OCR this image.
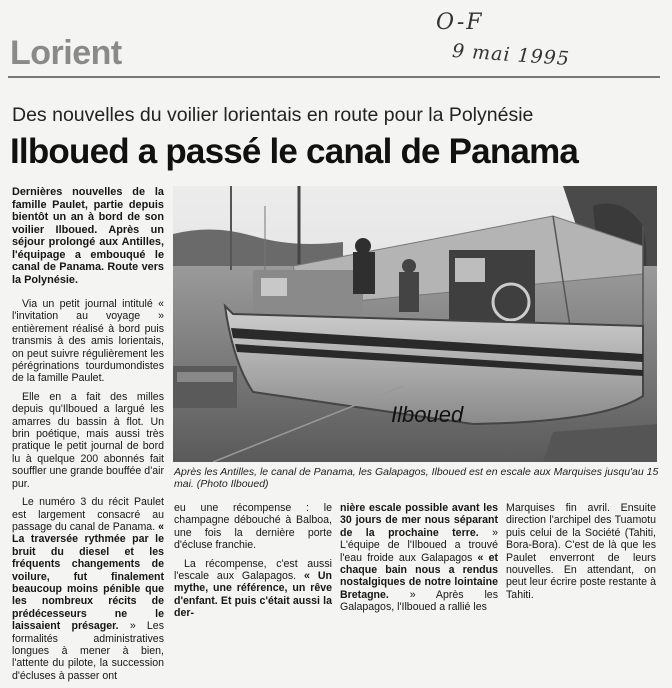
Lorient
O-F
9 mai 1995
Des nouvelles du voilier lorientais en route pour la Polynésie
Ilboued a passé le canal de Panama

Dernières nouvelles de la famille Paulet, partie depuis bientôt un an à bord de son voilier Ilboued. Après un séjour prolongé aux Antilles, l'équipage a embouqué le canal de Panama. Route vers la Polynésie.

Via un petit journal intitulé « l'invitation au voyage » entièrement réalisé à bord puis transmis à des amis lorientais, on peut suivre régulièrement les pérégrinations tourdumondistes de la famille Paulet.

Elle en a fait des milles depuis qu'Ilboued a largué les amarres du bassin à flot. Un brin poétique, mais aussi très pratique le petit journal de bord lu à quelque 200 abonnés fait souffler une grande bouffée d'air pur.

Le numéro 3 du récit Paulet est largement consacré au passage du canal de Panama. « La traversée rythmée par le bruit du diesel et les fréquents changements de voilure, fut finalement beaucoup moins pénible que les nombreux récits de prédécesseurs ne le laissaient présager. » Les formalités administratives longues à mener à bien, l'attente du pilote, la succession d'écluses à passer ont

Ilboued
Après les Antilles, le canal de Panama, les Galapagos, Ilboued est en escale aux Marquises jusqu'au 15 mai. (Photo Ilboued)

eu une récompense : le champagne débouché à Balboa, une fois la dernière porte d'écluse franchie.

La récompense, c'est aussi l'escale aux Galapagos. « Un mythe, une référence, un rêve d'enfant. Et puis c'était aussi la der-

nière escale possible avant les 30 jours de mer nous séparant de la prochaine terre. » L'équipe de l'Ilboued a trouvé l'eau froide aux Galapagos « et chaque bain nous a rendus nostalgiques de notre lointaine Bretagne. » Après les Galapagos, l'Ilboued a rallié les

Marquises fin avril. Ensuite direction l'archipel des Tuamotu puis celui de la Société (Tahiti, Bora-Bora). C'est de là que les Paulet enverront de leurs nouvelles. En attendant, on peut leur écrire poste restante à Tahiti.
